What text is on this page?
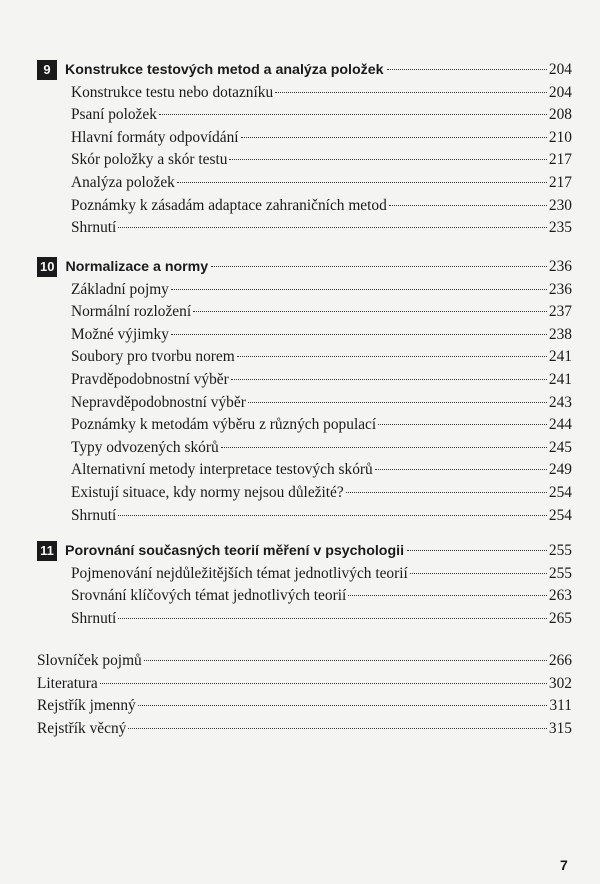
9	Konstrukce testových metod a analýza položek	204
Konstrukce testu nebo dotazníku	204
Psaní položek	208
Hlavní formáty odpovídání	210
Skór položky a skór testu	217
Analýza položek	217
Poznámky k zásadám adaptace zahraničních metod	230
Shrnutí	235
10 Normalizace a normy	236
Základní pojmy	236
Normální rozložení	237
Možné výjimky	238
Soubory pro tvorbu norem	241
Pravděpodobnostní výběr	241
Nepravděpodobnostní výběr	243
Poznámky k metodám výběru z různých populací	244
Typy odvozených skórů	245
Alternativní metody interpretace testových skórů	249
Existují situace, kdy normy nejsou důležité?	254
Shrnutí	254
11 Porovnání současných teorií měření v psychologii	255
Pojmenování nejdůležitějších témat jednotlivých teorií	255
Srovnání klíčových témat jednotlivých teorií	263
Shrnutí	265
Slovníček pojmů	266
Literatura	302
Rejstřík jmenný	311
Rejstřík věcný	315
7
